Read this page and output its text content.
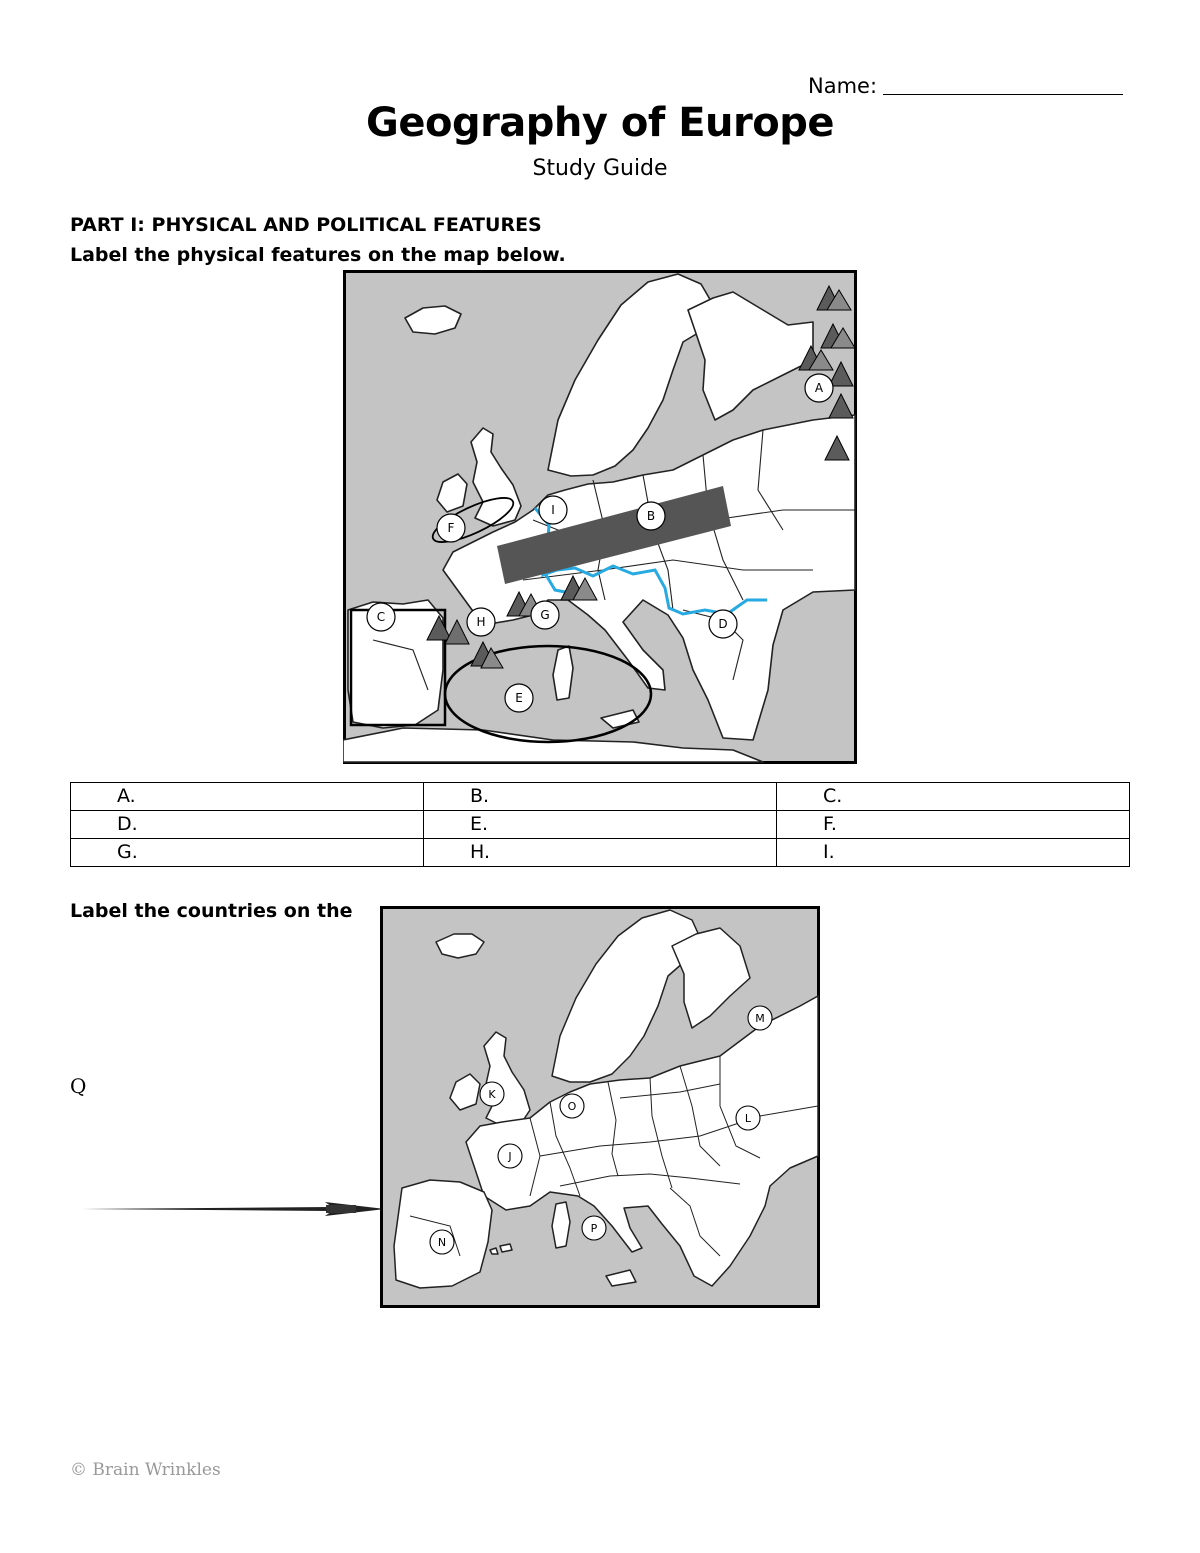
Name:
Geography of Europe
Study Guide
PART I: PHYSICAL AND POLITICAL FEATURES
Label the physical features on the map below.
A
B
C	D
E
F
G
H
I
A.	B.	C.
D.	E.	F.
G.	H.	I.
Label the countries on the
Q
M
K
O
L
J
N
P
© Brain Wrinkles
